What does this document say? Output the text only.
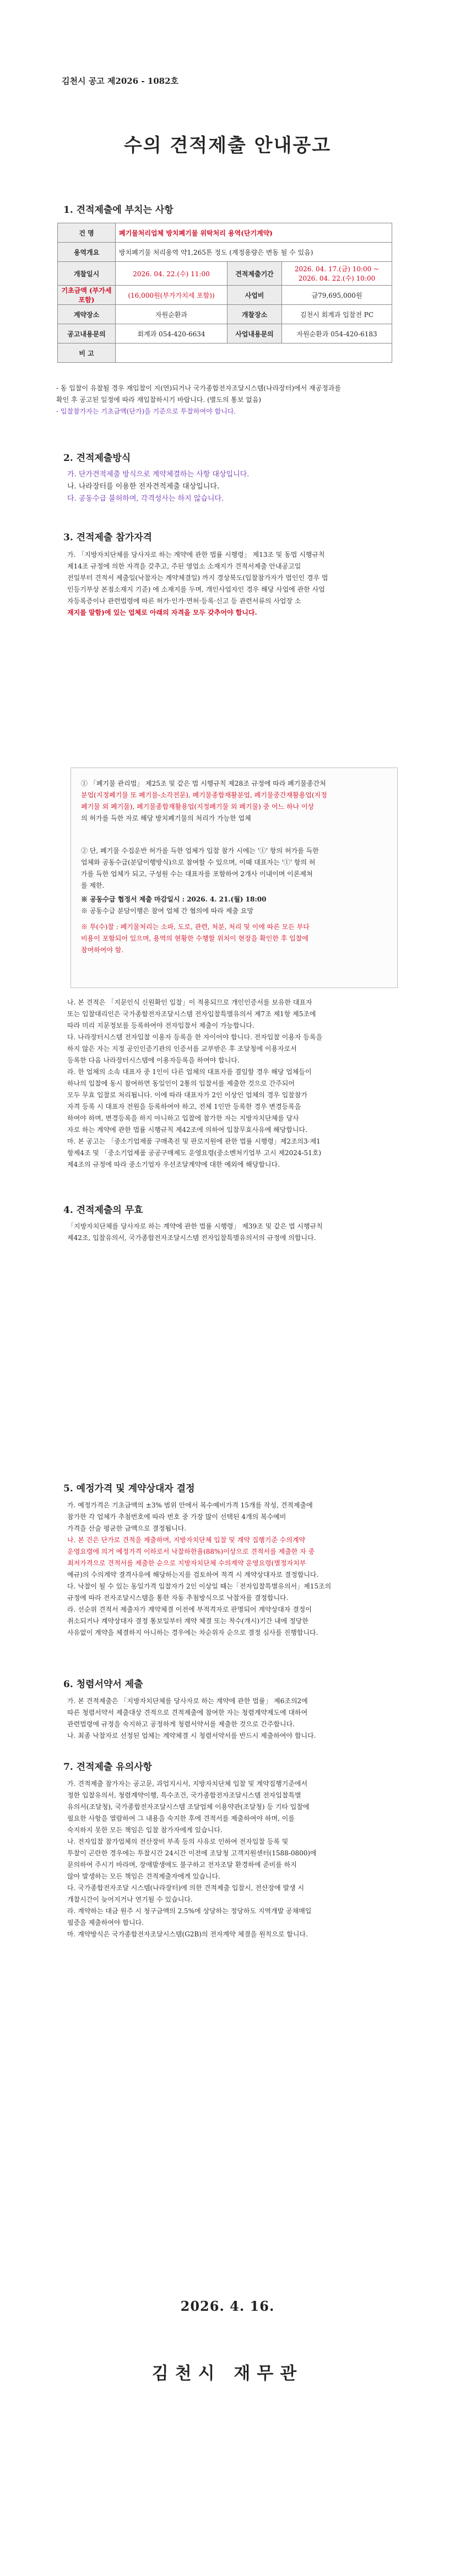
김천시 공고 제2026 - 1082호
수의 견적제출 안내공고
1. 견적제출에 부치는 사항
건 명	폐기물처리업체 방치폐기물 위탁처리 용역(단기계약)		
용역개요	방치폐기물 처리용역 약1,265톤 정도 (계정용량은 변동 될 수 있음)		
개찰일시	2026. 04. 22.(수) 11:00	견적제출기간	2026. 04. 17.(금) 10:00 ~ 2026. 04. 22.(수) 10:00
기초금액 (부가세 포함)	(16,000원(부가가치세 포함))	사업비	금79,695,000원
계약장소	자원순환과	개찰장소	김천시 회계과 입찰전 PC
공고내용문의	회계과 054-420-6634	사업내용문의	자원순환과 054-420-6183
비 고			
- 동 입찰이 유찰될 경우 재입찰이 지(연)되거나 국가종합전자조달시스템(나라장터)에서 재공정과를
확인 후 공고된 일정에 따라 재입찰하시기 바랍니다. (별도의 통보 없음)
- 입찰참가자는 기초금액(단가)을 기준으로 투찰하여야 합니다.
2. 견적제출방식
가. 단가견적제출 방식으로 계약체결하는 사항 대상입니다.
나. 나라장터를 이용한 전자견적제출 대상입니다.
다. 공동수급 불허하며, 각격성사는 하지 않습니다.
3. 견적제출 참가자격
가. 「지방자치단체를 당사자로 하는 계약에 관한 법률 시행령」 제13조 및 동법 시행규칙
제14조 규정에 의한 자격을 갖추고, 주된 영업소 소재지가 견적서제출 안내공고일
전일부터 견적서 제출일(낙찰자는 계약체결일) 까지 경상북도(입찰참가자가 법인인 경우 법
인등기부상 본점소재지 기준) 에 소재지를 두며, 개인사업자인 경우 해당 사업에 관한 사업
자등록증이나 관련법령에 따른 허가·인가·면허·등록·신고 등 관련서류의 사업장 소
재지를 말함)에 있는 업체로 아래의 자격을 모두 갖추어야 합니다.
① 「폐기물 관리법」 제25조 및 같은 법 시행규칙 제28조 규정에 따라 폐기물종간처
분업(지정폐기물 또 폐기물-소각전문), 폐기물종합재활분업, 폐기물중간재활용업(지정
폐기물 외 폐기물), 폐기물종합재활용업(지정폐기물 외 폐기물) 중 어느 하나 이상
의 허가를 득한 자로 해당 방치폐기물의 처리가 가능한 업체
② 단, 폐기물 수집운반 허가를 득한 업체가 입찰 참가 시에는 '①' 항의 허가를 득한
업체와 공동수급(분담이행방식)으로 참여할 수 있으며, 이때 대표자는 '①' 항의 허
가를 득한 업체가 되고, 구성원 수는 대표자를 포함하여 2개사 이내이며 이론제쳐
를 제한.
※ 공동수급 협정서 제출 마감일시 : 2026. 4. 21.(월) 18:00
※ 공동수급 분담이행은 참여 업체 간 협의에 따라 제출 요망
※ 투(수)찰 : 폐기물처리는 소파, 도로, 관련, 처분, 처리 및 이에 따른 모든 부다
비용이 포함되어 있으며, 용역의 현황한 수행할 위치이 현장을 확인한 후 입찰에
참여하여야 함.
나. 본 견적은 「지문인식 신원확인 입찰」이 적용되므로 개인인증서를 보유한 대표자
또는 입찰대리인은 국가종합전자조달시스템 전자입찰특별유의서 제7조 제1항 제5조에
따라 미리 지문정보를 등록하여야 전자입찰서 제출이 가능합니다.
다. 나라장터시스템 전자입찰 이용자 등록을 한 자이어야 합니다. 전자입찰 이용자 등록을
하지 않은 자는 지정 공인인증기관의 인증서를 교부받은 후 조달청에 이용자로서
등록한 다음 나라장터시스템에 이용자등록을 하여야 합니다.
라. 한 업체의 소속 대표자 중 1인이 다른 업체의 대표자를 겸임할 경우 해당 업체들이
하나의 입찰에 동시 참여하면 동일인이 2통의 입찰서를 제출한 것으로 간주되어
모두 무효 입찰로 처리됩니다. 이에 따라 대표자가 2인 이상인 업체의 경우 입찰참가
자격 등록 시 대표자 전원을 등록하여야 하고, 전체 1인만 등록한 경우 변경등록을
하여야 하며, 변경등록을 하지 아니하고 입찰에 참가한 자는 지방자치단체를 당사
자로 하는 계약에 관한 법률 시행규칙 제42조에 의하여 입찰무효사유에 해당합니다.
마. 본 공고는 「중소기업제품 구매촉진 및 판로지원에 관한 법률 시행령」제2조의3·제1
항제4조 및 「중소기업제품 공공구매제도 운영요령(중소벤처기업부 고시 제2024-51호)
제4조의 규정에 따라 중소기업자 우선조달계약에 대한 예외에 해당합니다.
4. 견적제출의 무효
「지방자치단체를 당사자로 하는 계약에 관한 법률 시행령」 제39조 및 같은 법 시행규칙
제42조, 입찰유의서, 국가종합전자조달시스템 전자입찰특별유의서의 규정에 의합니다.
5. 예정가격 및 계약상대자 결정
가. 예정가격은 기초금액의 ±3% 범위 안에서 복수예비가격 15개를 작성, 견적제출에
참가한 각 업체가 추첨번호에 따라 번호 중 가장 많이 선택된 4개의 복수예비
가격을 산술 평균한 금액으로 결정됩니다.
나. 본 건은 단가로 견적을 제출하며, 지방자치단체 입찰 및 계약 집행기준 수의계약
운영요령에 의거 예정가격 이하로서 낙찰하한율(88%)이상으로 견적서를 제출한 자 중
최저가격으로 견적서를 제출한 순으로 지방자치단체 수의계약 운영요령(별정자치부
예규)의 수의계약 결격사유에 해당하는지를 검토하여 적격 시 계약상대자로 결정합니다.
다. 낙찰이 될 수 있는 동일가격 입찰자가 2인 이상일 때는「전자입찰특별유의서」제15조의
규정에 따라 전자조달시스템을 통한 자동 추첨방식으로 낙찰자를 결정합니다.
라. 선순위 견적서 제출자가 계약체결 이전에 부적격자로 판명되어 계약상대자 결정이
취소되거나 계약상대자 결정 통보일부터 계약 체결 또는 착수(개시)기간 내에 정당한
사유없이 계약을 체결하지 아니하는 경우에는 차순위자 순으로 결정 심사를 진행합니다.
6. 청렴서약서 제출
가. 본 견적제출은 「지방자치단체를 당사자로 하는 계약에 관한 법률」 제6조의2에
따른 청렴서약서 제출대상 견적으로 견적제출에 참여한 자는 청렴계약제도에 대하여
관련법령에 규정을 숙지하고 공정하게 청렴서약서를 제출한 것으로 간주합니다.
나. 최종 낙찰자로 선정된 업체는 계약체결 시 청렴서약서를 반드시 제출하여야 합니다.
7. 견적제출 유의사항
가. 견적제출 참가자는 공고문, 과업지시서, 지방자치단체 입찰 및 계약집행기준에서
정한 입찰유의서, 청렴계약이행, 특수조건, 국가종합전자조달시스템 전자입찰특별
유의서(조달청), 국가종합전자조달시스템 조달업체 이용약관(조달청) 등 기타 입찰에
필요한 사항을 열람하여 그 내용을 숙지한 후에 견적서를 제출하여야 하며, 이를
숙지하지 못한 모든 책임은 입찰 참가자에게 있습니다.
나. 전자입찰 참가업체의 전산장비 부족 등의 사유로 인하여 전자입찰 등록 및
투찰이 곤란한 경우에는 투찰시간 24시간 이전에 조달청 고객지원센터(1588-0800)에
문의하여 주시기 바라며, 장애발생에도 불구하고 전자조달 환경하에 준비를 하지
않아 발생하는 모든 책임은 견적제출자에게 있습니다.
다. 국가종합전자조달 시스템(나라장터)에 의한 견적제출 입찰시, 전산장애 발생 시
개찰시간이 늦어지거나 연기될 수 있습니다.
라. 계약하는 대금 원주 시 청구금액의 2.5%에 상당하는 정당하도 지역개발 공채매입
필증을 제출하여야 합니다.
마. 계약방식은 국가종합전자조달시스템(G2B)의 전자계약 체결을 원칙으로 합니다.
2026. 4. 16.
김천시 재무관
